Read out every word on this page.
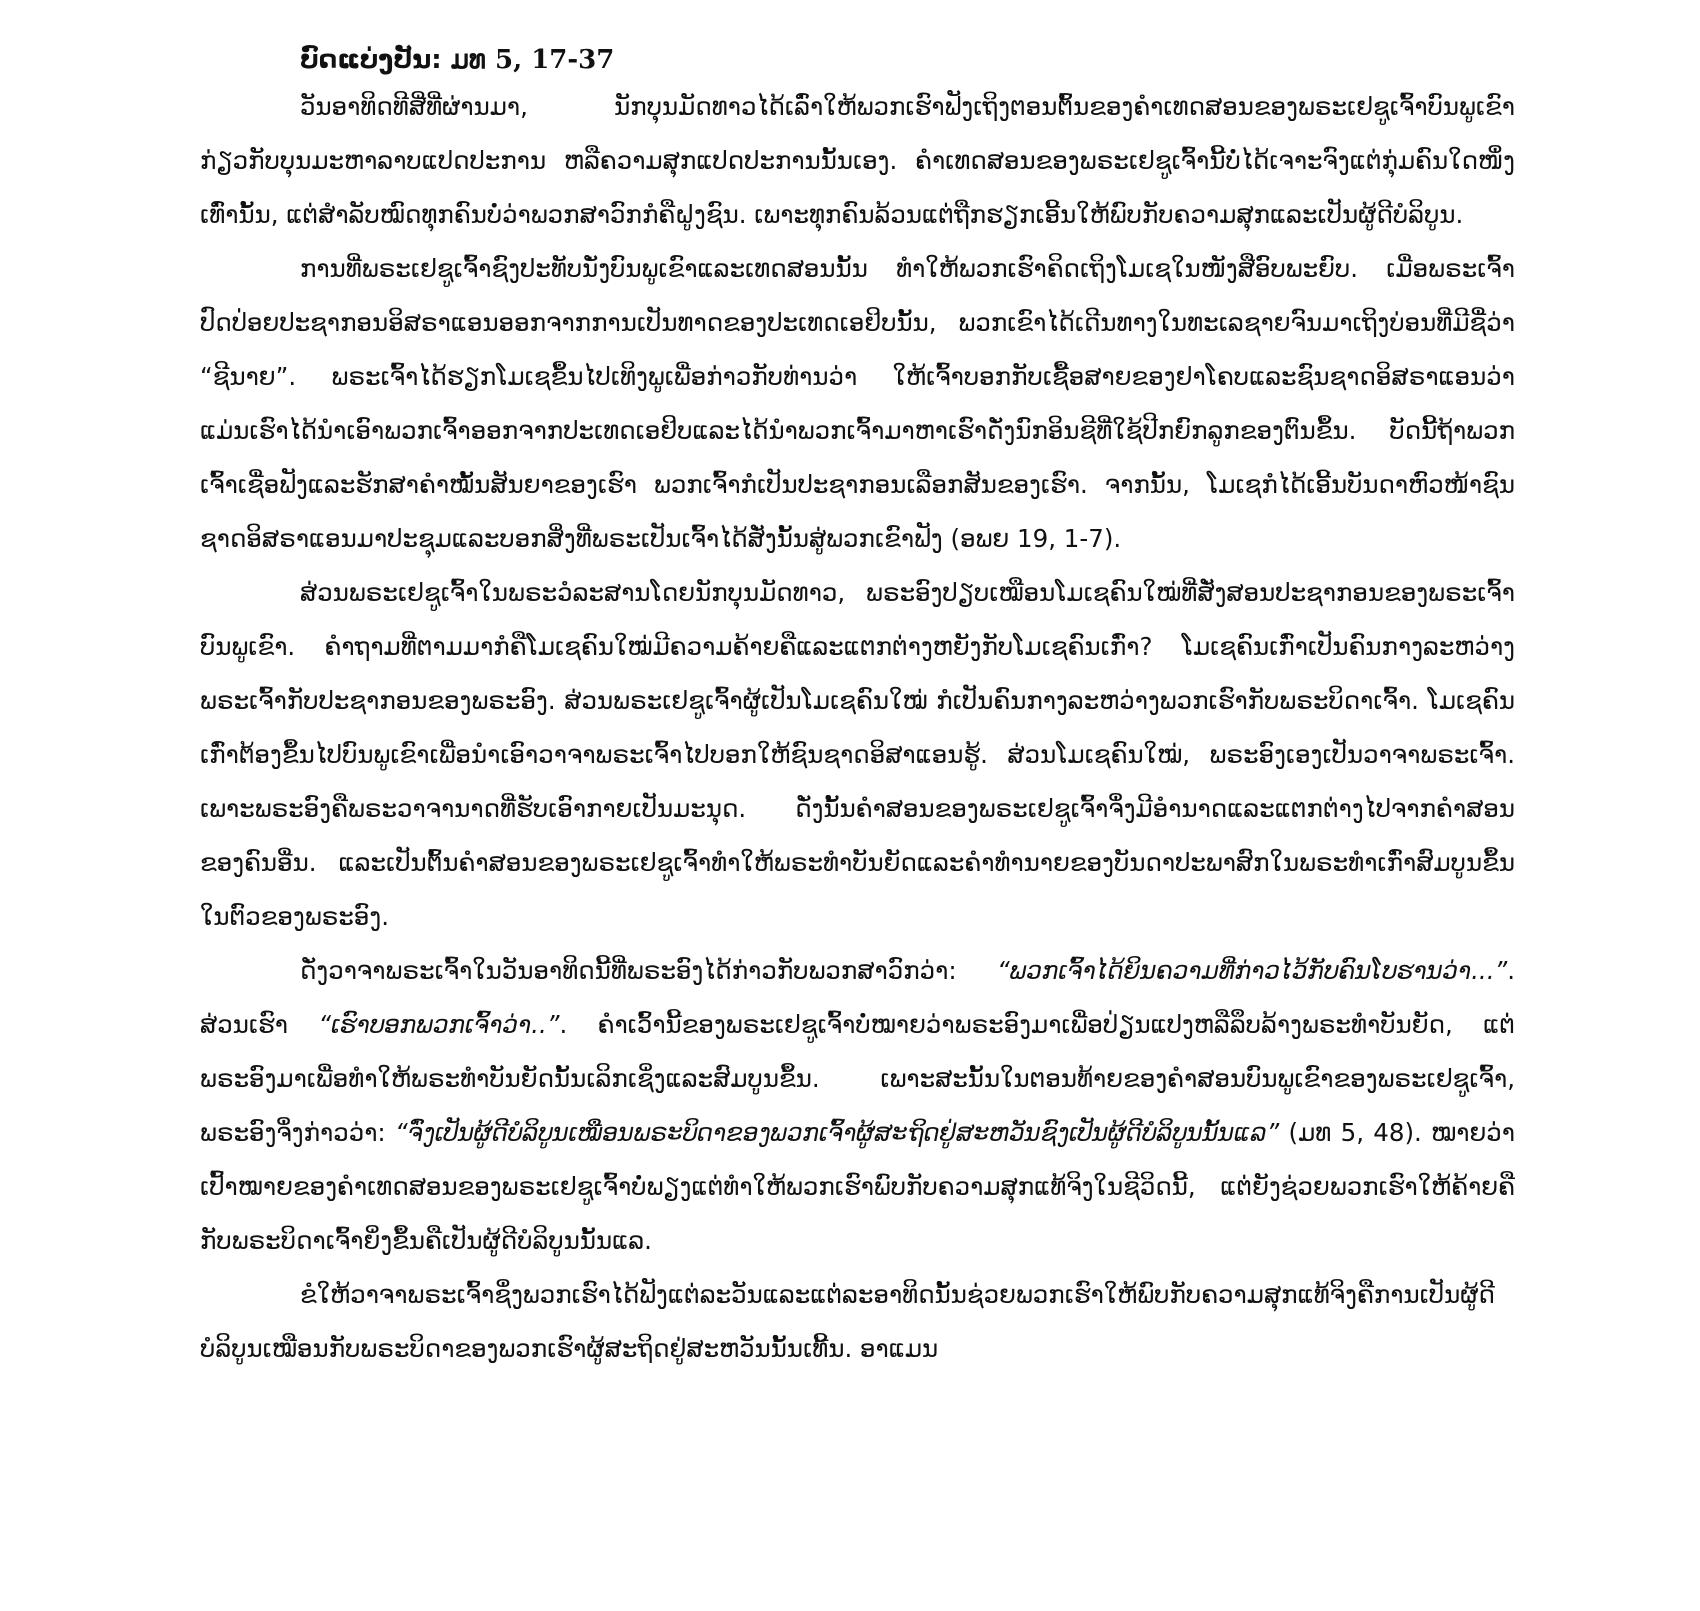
ບົດແບ່ງປັນ: ມທ 5, 17-37

ວັນອາທິດທີສີ່ທີ່ຜ່ານມາ, ນັກບຸນມັດທາວໄດ້ເລົ່າໃຫ້ພວກເຮົາຟັງເຖິງຕອນຕົ້ນຂອງຄຳເທດສອນຂອງພຣະເຢຊູເຈົ້າບົນພູເຂົາ ກ່ຽວກັບບຸນມະຫາລາບແປດປະການ ຫລືຄວາມສຸກແປດປະການນັ້ນເອງ. ຄຳເທດສອນຂອງພຣະເຢຊູເຈົ້ານີ້ບໍ່ໄດ້ເຈາະຈົງແຕ່ກຸ່ມຄົນໃດໜຶ່ງເທົ່ານັ້ນ, ແຕ່ສຳລັບໝົດທຸກຄົນບໍ່ວ່າພວກສາວົກກໍຄືຝູງຊົນ. ເພາະທຸກຄົນລ້ວນແຕ່ຖືກຮຽກເອີ້ນໃຫ້ພົບກັບຄວາມສຸກແລະເປັນຜູ້ດີບໍລິບູນ.

ການທີ່ພຣະເຢຊູເຈົ້າຊົງປະທັບນັ່ງບົນພູເຂົາແລະເທດສອນນັ້ນ ທຳໃຫ້ພວກເຮົາຄິດເຖິງໂມເຊໃນໜັງສືອົບພະຍົບ. ເມື່ອພຣະເຈົ້າປົດປ່ອຍປະຊາກອນອິສຣາແອນອອກຈາກການເປັນທາດຂອງປະເທດເອຢິບນັ້ນ, ພວກເຂົາໄດ້ເດີນທາງໃນທະເລຊາຍຈົນມາເຖິງບ່ອນທີ່ມີຊື່ວ່າ “ຊີນາຍ”. ພຣະເຈົ້າໄດ້ຮຽກໂມເຊຂຶ້ນໄປເທິງພູເພື່ອກ່າວກັບທ່ານວ່າ ໃຫ້ເຈົ້າບອກກັບເຊື້ອສາຍຂອງຢາໂຄບແລະຊົນຊາດອິສຣາແອນວ່າ ແມ່ນເຮົາໄດ້ນຳເອົາພວກເຈົ້າອອກຈາກປະເທດເອຢິບແລະໄດ້ນຳພວກເຈົ້າມາຫາເຮົາດັ່ງນົກອິນຊີທີ່ໃຊ້ປີກຍົກລູກຂອງຕົນຂຶ້ນ. ບັດນີ້ຖ້າພວກເຈົ້າເຊື່ອຟັງແລະຮັກສາຄຳໝັ້ນສັນຍາຂອງເຮົາ ພວກເຈົ້າກໍເປັນປະຊາກອນເລືອກສັນຂອງເຮົາ. ຈາກນັ້ນ, ໂມເຊກໍໄດ້ເອີ້ນບັນດາຫົວໜ້າຊົນຊາດອິສຣາແອນມາປະຊຸມແລະບອກສິ່ງທີ່ພຣະເປັນເຈົ້າໄດ້ສັ່ງນັ້ນສູ່ພວກເຂົາຟັງ (ອພຍ 19, 1-7).

ສ່ວນພຣະເຢຊູເຈົ້າໃນພຣະວໍລະສານໂດຍນັກບຸນມັດທາວ, ພຣະອົງປຽບເໝືອນໂມເຊຄົນໃໝ່ທີ່ສັ່ງສອນປະຊາກອນຂອງພຣະເຈົ້າບົນພູເຂົາ. ຄຳຖາມທີ່ຕາມມາກໍຄືໂມເຊຄົນໃໝ່ມີຄວາມຄ້າຍຄືແລະແຕກຕ່າງຫຍັງກັບໂມເຊຄົນເກົ່າ? ໂມເຊຄົນເກົ່າເປັນຄົນກາງລະຫວ່າງພຣະເຈົ້າກັບປະຊາກອນຂອງພຣະອົງ. ສ່ວນພຣະເຢຊູເຈົ້າຜູ້ເປັນໂມເຊຄົນໃໝ່ ກໍເປັນຄົນກາງລະຫວ່າງພວກເຮົາກັບພຣະບິດາເຈົ້າ. ໂມເຊຄົນເກົ່າຕ້ອງຂຶ້ນໄປບົນພູເຂົາເພື່ອນຳເອົາວາຈາພຣະເຈົ້າໄປບອກໃຫ້ຊົນຊາດອິສາແອນຮູ້. ສ່ວນໂມເຊຄົນໃໝ່, ພຣະອົງເອງເປັນວາຈາພຣະເຈົ້າ. ເພາະພຣະອົງຄືພຣະວາຈານາດທີ່ຮັບເອົາກາຍເປັນມະນຸດ. ດັ່ງນັ້ນຄຳສອນຂອງພຣະເຢຊູເຈົ້າຈຶ່ງມີອຳນາດແລະແຕກຕ່າງໄປຈາກຄຳສອນຂອງຄົນອື່ນ. ແລະເປັນຕົ້ນຄຳສອນຂອງພຣະເຢຊູເຈົ້າທຳໃຫ້ພຣະທຳບັນຍັດແລະຄຳທຳນາຍຂອງບັນດາປະພາສົກໃນພຣະທຳເກົ່າສົມບູນຂຶ້ນໃນຕົວຂອງພຣະອົງ.

ດັ່ງວາຈາພຣະເຈົ້າໃນວັນອາທິດນີ້ທີ່ພຣະອົງໄດ້ກ່າວກັບພວກສາວົກວ່າ: “ພວກເຈົ້າໄດ້ຍິນຄວາມທີ່ກ່າວໄວ້ກັບຄົນໂບຮານວ່າ...”. ສ່ວນເຮົາ “ເຮົາບອກພວກເຈົ້າວ່າ..”. ຄຳເວົ້ານີ້ຂອງພຣະເຢຊູເຈົ້າບໍ່ໝາຍວ່າພຣະອົງມາເພື່ອປ່ຽນແປງຫລືລຶບລ້າງພຣະທຳບັນຍັດ, ແຕ່ພຣະອົງມາເພື່ອທຳໃຫ້ພຣະທຳບັນຍັດນັ້ນເລິກເຊິ່ງແລະສົມບູນຂຶ້ນ. ເພາະສະນັ້ນໃນຕອນທ້າຍຂອງຄຳສອນບົນພູເຂົາຂອງພຣະເຢຊູເຈົ້າ, ພຣະອົງຈຶ່ງກ່າວວ່າ: “ຈົ່ງເປັນຜູ້ດີບໍລິບູນເໝືອນພຣະບິດາຂອງພວກເຈົ້າຜູ້ສະຖິດຢູ່ສະຫວັນຊົງເປັນຜູ້ດີບໍລິບູນນັ້ນແລ” (ມທ 5, 48). ໝາຍວ່າເປົ້າໝາຍຂອງຄຳເທດສອນຂອງພຣະເຢຊູເຈົ້າບໍ່ພຽງແຕ່ທຳໃຫ້ພວກເຮົາພົບກັບຄວາມສຸກແທ້ຈິງໃນຊີວິດນີ້, ແຕ່ຍັງຊ່ວຍພວກເຮົາໃຫ້ຄ້າຍຄືກັບພຣະບິດາເຈົ້າຍິ່ງຂຶ້ນຄືເປັນຜູ້ດີບໍລິບູນນັ້ນແລ.

ຂໍໃຫ້ວາຈາພຣະເຈົ້າຊຶ່ງພວກເຮົາໄດ້ຟັງແຕ່ລະວັນແລະແຕ່ລະອາທິດນັ້ນຊ່ວຍພວກເຮົາໃຫ້ພົບກັບຄວາມສຸກແທ້ຈິງຄືການເປັນຜູ້ດີບໍລິບູນເໝືອນກັບພຣະບິດາຂອງພວກເຮົາຜູ້ສະຖິດຢູ່ສະຫວັນນັ້ນເທີ້ນ. ອາແມນ
